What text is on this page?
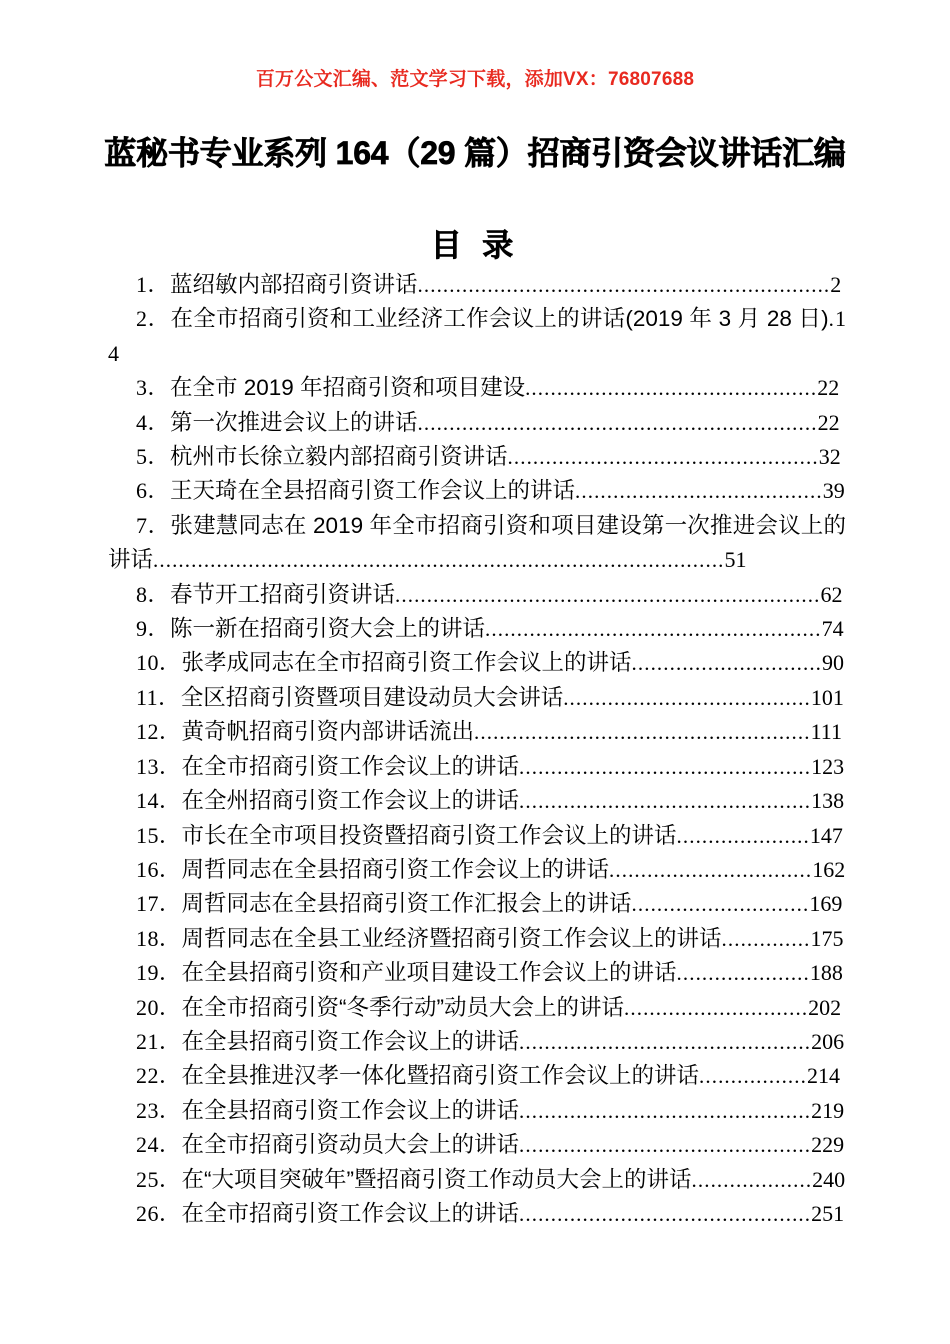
百万公文汇编、范文学习下载，添加VX：76807688
蓝秘书专业系列 164（29 篇）招商引资会议讲话汇编
目 录

1．蓝绍敏内部招商引资讲话.................................................................2

2．在全市招商引资和工业经济工作会议上的讲话(2019 年 3 月 28 日).14

3．在全市 2019 年招商引资和项目建设..............................................22

4．第一次推进会议上的讲话...............................................................22

5．杭州市长徐立毅内部招商引资讲话.................................................32

6．王天琦在全县招商引资工作会议上的讲话.......................................39

7．张建慧同志在 2019 年全市招商引资和项目建设第一次推进会议上的讲话..........................................................................................51

8．春节开工招商引资讲话...................................................................62

9．陈一新在招商引资大会上的讲话.....................................................74

10．张孝成同志在全市招商引资工作会议上的讲话..............................90

11．全区招商引资暨项目建设动员大会讲话.......................................101

12．黄奇帆招商引资内部讲话流出.....................................................111

13．在全市招商引资工作会议上的讲话..............................................123

14．在全州招商引资工作会议上的讲话..............................................138

15．市长在全市项目投资暨招商引资工作会议上的讲话.....................147

16．周哲同志在全县招商引资工作会议上的讲话................................162

17．周哲同志在全县招商引资工作汇报会上的讲话............................169

18．周哲同志在全县工业经济暨招商引资工作会议上的讲话..............175

19．在全县招商引资和产业项目建设工作会议上的讲话.....................188

20．在全市招商引资“冬季行动”动员大会上的讲话.............................202

21．在全县招商引资工作会议上的讲话..............................................206

22．在全县推进汉孝一体化暨招商引资工作会议上的讲话.................214

23．在全县招商引资工作会议上的讲话..............................................219

24．在全市招商引资动员大会上的讲话..............................................229

25．在“大项目突破年”暨招商引资工作动员大会上的讲话...................240

26．在全市招商引资工作会议上的讲话..............................................251
